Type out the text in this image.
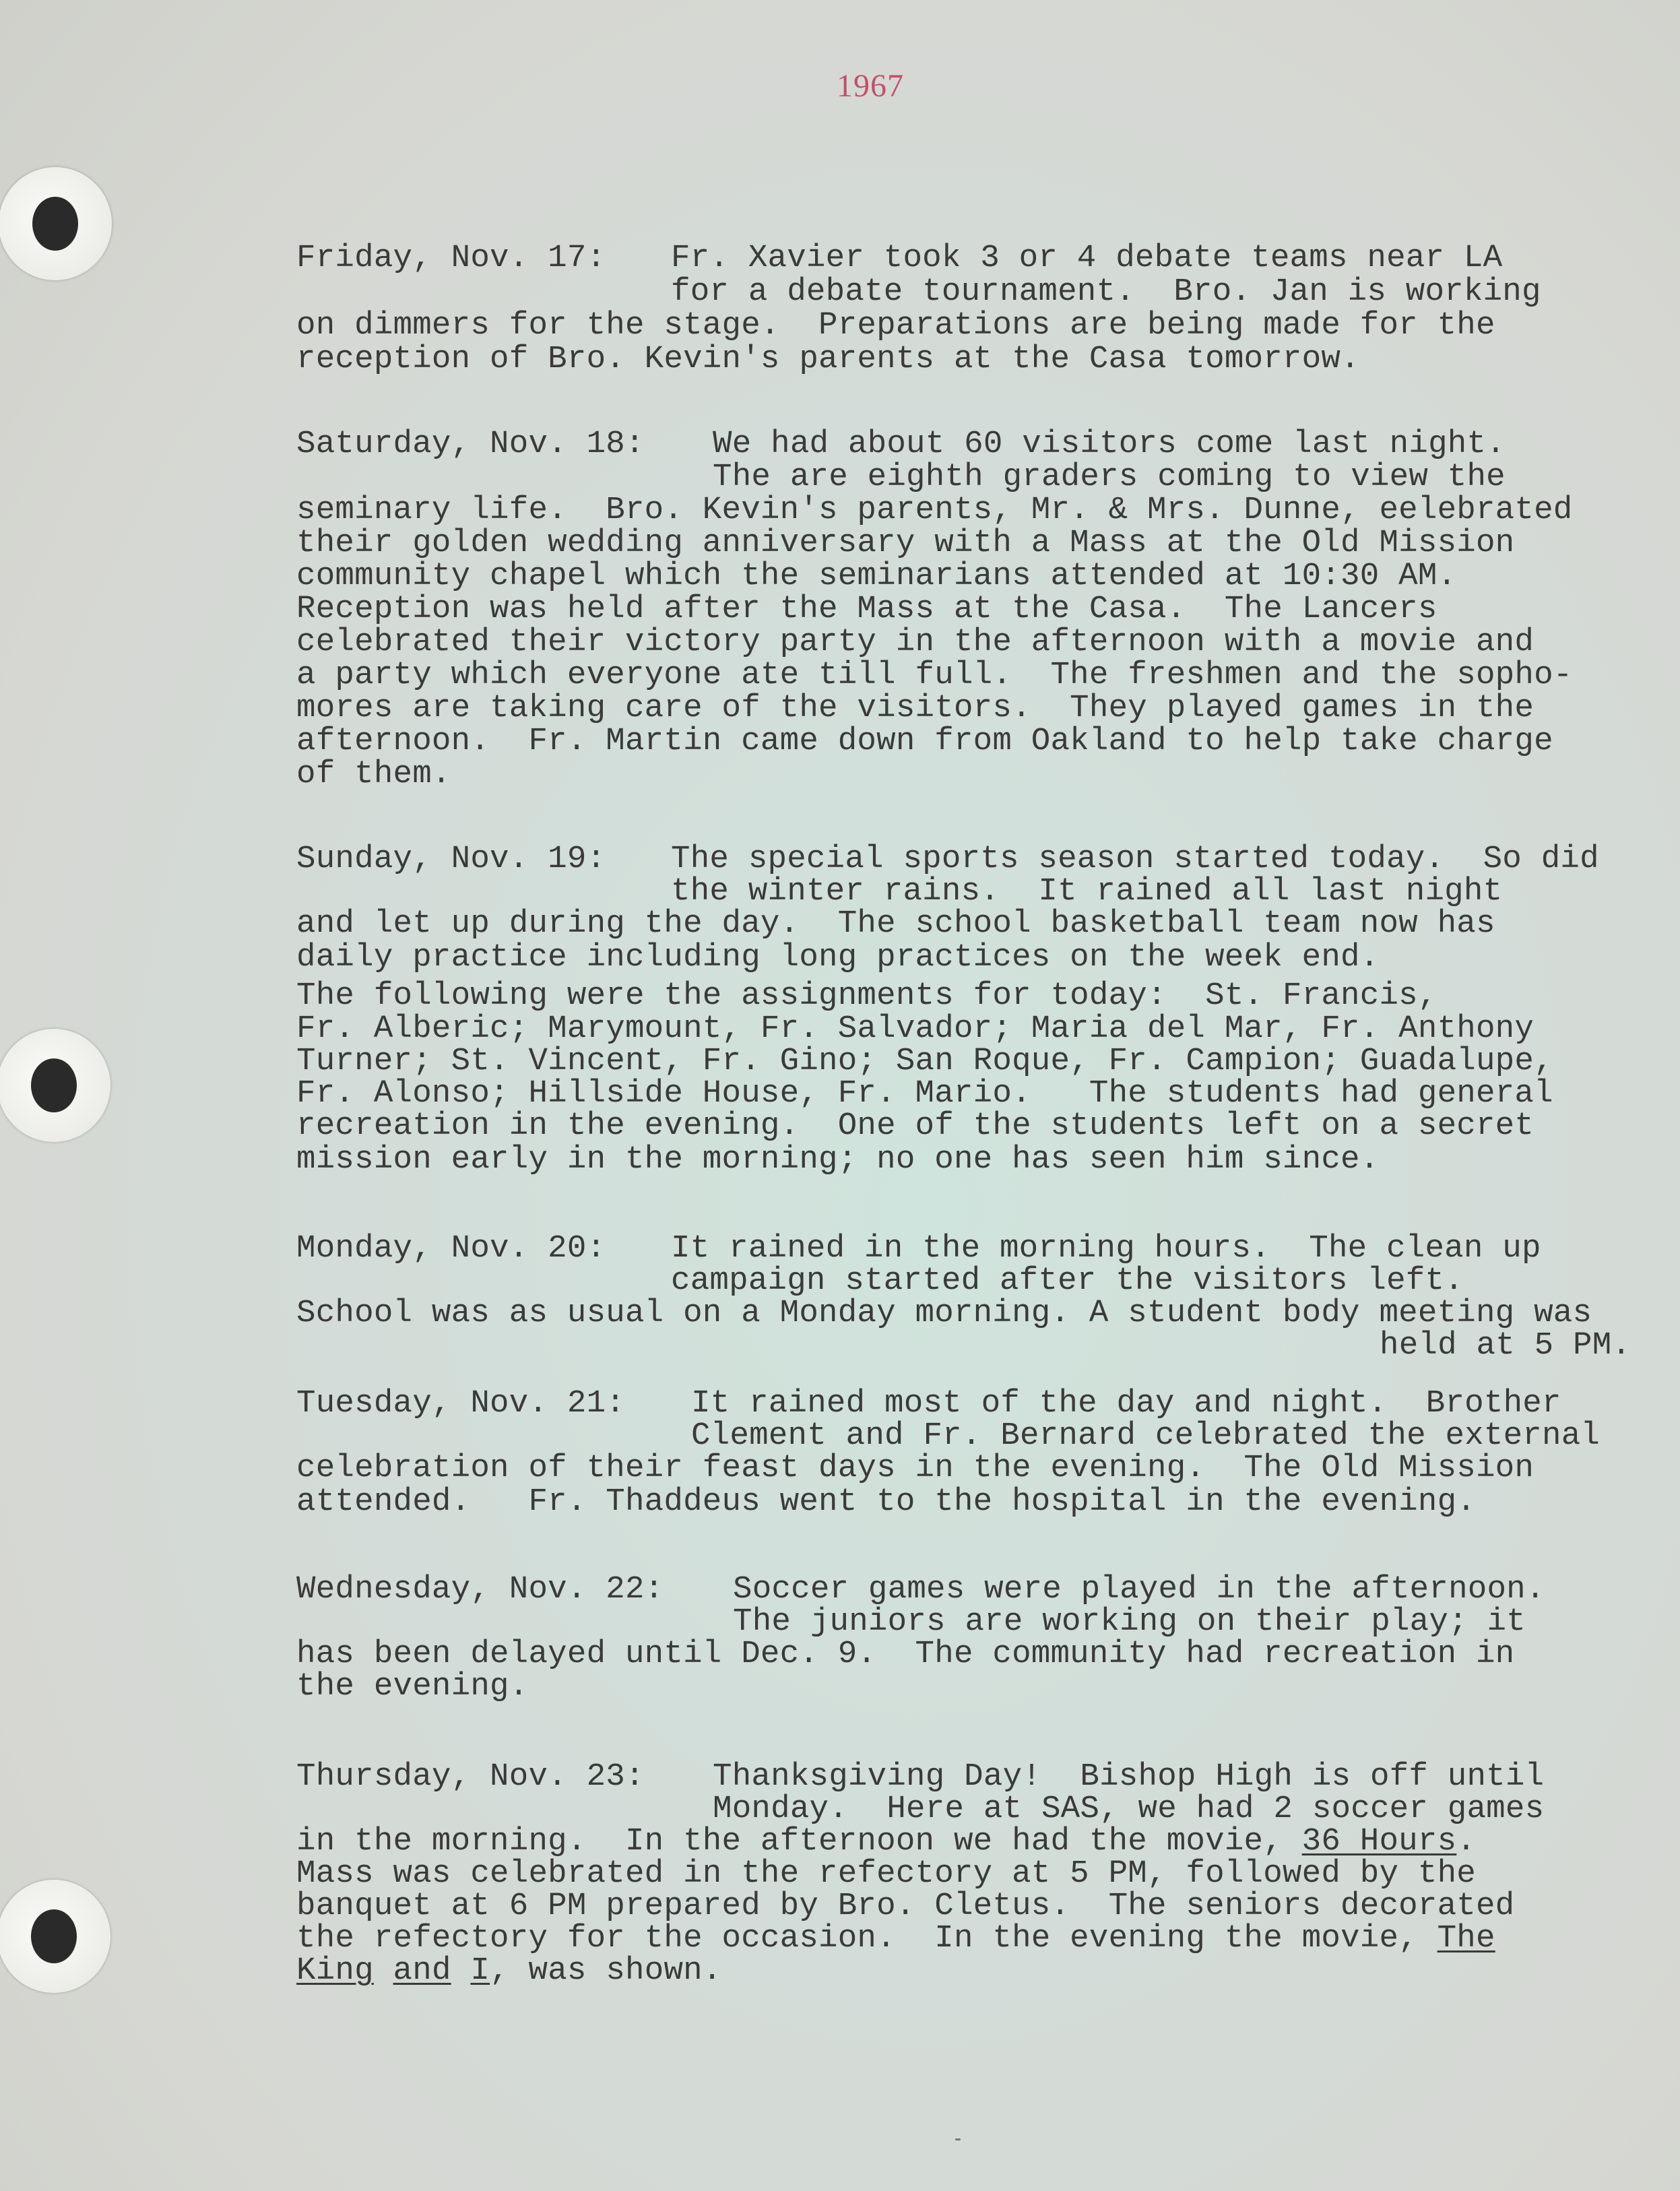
1967
Friday, Nov. 17: Fr. Xavier took 3 or 4 debate teams near LA
for a debate tournament.  Bro. Jan is working
on dimmers for the stage.  Preparations are being made for the
reception of Bro. Kevin's parents at the Casa tomorrow.
Saturday, Nov. 18: We had about 60 visitors come last night.
The are eighth graders coming to view the
seminary life.  Bro. Kevin's parents, Mr. & Mrs. Dunne, eelebrated
their golden wedding anniversary with a Mass at the Old Mission
community chapel which the seminarians attended at 10:30 AM.
Reception was held after the Mass at the Casa.  The Lancers
celebrated their victory party in the afternoon with a movie and
a party which everyone ate till full.  The freshmen and the sopho-
mores are taking care of the visitors.  They played games in the
afternoon.  Fr. Martin came down from Oakland to help take charge
of them.
Sunday, Nov. 19: The special sports season started today.  So did
the winter rains.  It rained all last night
and let up during the day.  The school basketball team now has
daily practice including long practices on the week end.
The following were the assignments for today:  St. Francis,
Fr. Alberic; Marymount, Fr. Salvador; Maria del Mar, Fr. Anthony
Turner; St. Vincent, Fr. Gino; San Roque, Fr. Campion; Guadalupe,
Fr. Alonso; Hillside House, Fr. Mario.   The students had general
recreation in the evening.  One of the students left on a secret
mission early in the morning; no one has seen him since.
Monday, Nov. 20: It rained in the morning hours.  The clean up
campaign started after the visitors left.
School was as usual on a Monday morning. A student body meeting was
held at 5 PM.
Tuesday, Nov. 21: It rained most of the day and night.  Brother
Clement and Fr. Bernard celebrated the external
celebration of their feast days in the evening.  The Old Mission
attended.   Fr. Thaddeus went to the hospital in the evening.
Wednesday, Nov. 22: Soccer games were played in the afternoon.
The juniors are working on their play; it
has been delayed until Dec. 9.  The community had recreation in
the evening.
Thursday, Nov. 23: Thanksgiving Day!  Bishop High is off until
Monday.  Here at SAS, we had 2 soccer games
in the morning.  In the afternoon we had the movie, 36 Hours.
Mass was celebrated in the refectory at 5 PM, followed by the
banquet at 6 PM prepared by Bro. Cletus.  The seniors decorated
the refectory for the occasion.  In the evening the movie, The
King and I, was shown.
